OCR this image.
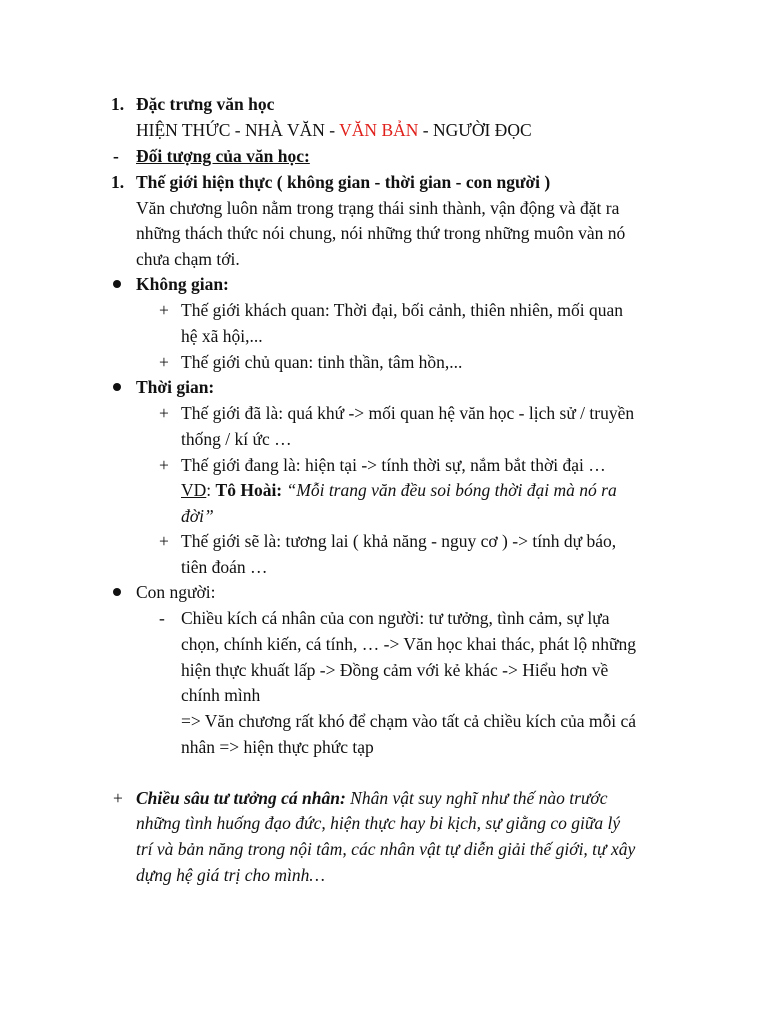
1. Đặc trưng văn học
HIỆN THỨC - NHÀ VĂN - VĂN BẢN - NGƯỜI ĐỌC
- Đối tượng của văn học:
1. Thế giới hiện thực ( không gian - thời gian - con người )
Văn chương luôn nằm trong trạng thái sinh thành, vận động và đặt ra
những thách thức nói chung, nói những thứ trong những muôn vàn nó
chưa chạm tới.
Không gian:
+ Thế giới khách quan: Thời đại, bối cảnh, thiên nhiên, mối quan
hệ xã hội,...
+ Thế giới chủ quan: tinh thần, tâm hồn,...
Thời gian:
+ Thế giới đã là: quá khứ -> mối quan hệ văn học - lịch sử / truyền
thống / kí ức …
+ Thế giới đang là: hiện tại -> tính thời sự, nắm bắt thời đại …
VD: Tô Hoài: “Mỗi trang văn đều soi bóng thời đại mà nó ra
đời”
+ Thế giới sẽ là: tương lai ( khả năng - nguy cơ ) -> tính dự báo,
tiên đoán …
Con người:
- Chiều kích cá nhân của con người: tư tưởng, tình cảm, sự lựa
chọn, chính kiến, cá tính, … -> Văn học khai thác, phát lộ những
hiện thực khuất lấp -> Đồng cảm với kẻ khác -> Hiểu hơn về
chính mình
=> Văn chương rất khó để chạm vào tất cả chiều kích của mỗi cá
nhân => hiện thực phức tạp
+ Chiều sâu tư tưởng cá nhân: Nhân vật suy nghĩ như thế nào trước
những tình huống đạo đức, hiện thực hay bi kịch, sự giằng co giữa lý
trí và bản năng trong nội tâm, các nhân vật tự diễn giải thế giới, tự xây
dựng hệ giá trị cho mình…
